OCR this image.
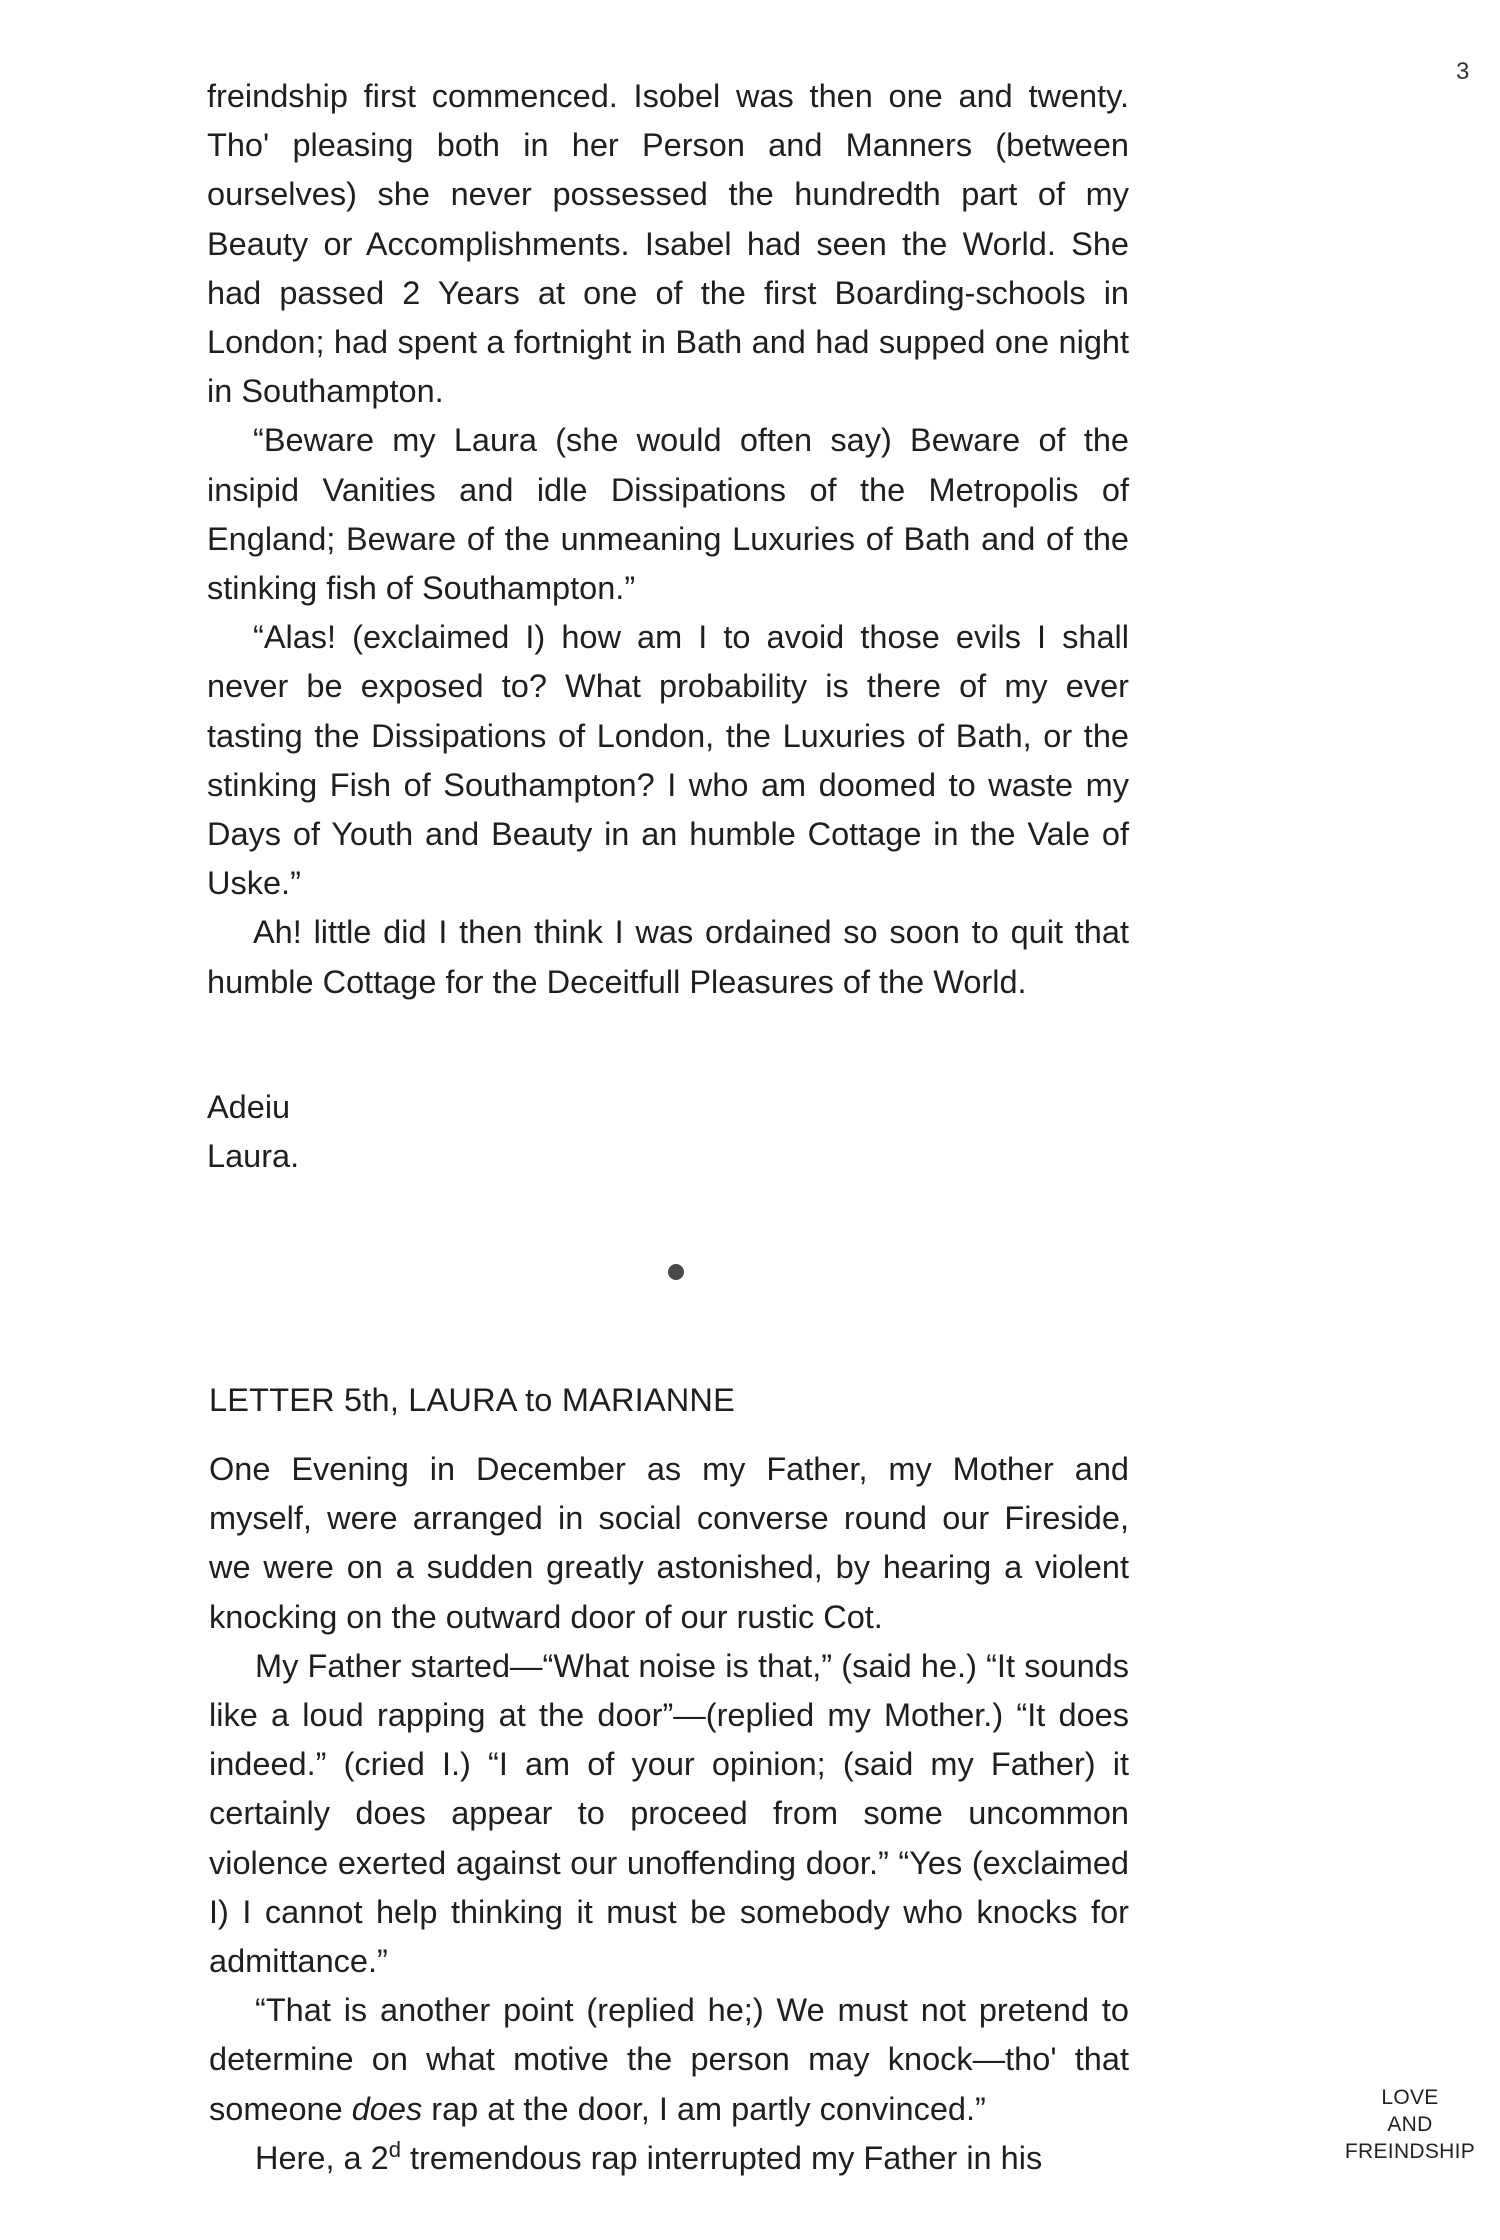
3

freindship first commenced. Isobel was then one and twenty. Tho' pleasing both in her Person and Manners (between ourselves) she never possessed the hundredth part of my Beauty or Accomplishments. Isabel had seen the World. She had passed 2 Years at one of the first Boarding-schools in London; had spent a fortnight in Bath and had supped one night in Southampton.

“Beware my Laura (she would often say) Beware of the insipid Vanities and idle Dissipations of the Metropolis of England; Beware of the unmeaning Luxuries of Bath and of the stinking fish of Southampton.”

“Alas! (exclaimed I) how am I to avoid those evils I shall never be exposed to? What probability is there of my ever tasting the Dissipations of London, the Luxuries of Bath, or the stinking Fish of Southampton? I who am doomed to waste my Days of Youth and Beauty in an humble Cottage in the Vale of Uske.”

Ah! little did I then think I was ordained so soon to quit that humble Cottage for the Deceitfull Pleasures of the World.

Adeiu
Laura.
LETTER 5th, LAURA to MARIANNE

One Evening in December as my Father, my Mother and myself, were arranged in social converse round our Fireside, we were on a sudden greatly astonished, by hearing a violent knocking on the outward door of our rustic Cot.

My Father started—“What noise is that,” (said he.) “It sounds like a loud rapping at the door”—(replied my Mother.) “It does indeed.” (cried I.) “I am of your opinion; (said my Father) it certainly does appear to proceed from some uncommon violence exerted against our unoffending door.” “Yes (exclaimed I) I cannot help thinking it must be somebody who knocks for admittance.”

“That is another point (replied he;) We must not pretend to determine on what motive the person may knock—tho' that someone does rap at the door, I am partly convinced.”

Here, a 2$^d$ tremendous rap interrupted my Father in his

LOVE
AND
FREINDSHIP
